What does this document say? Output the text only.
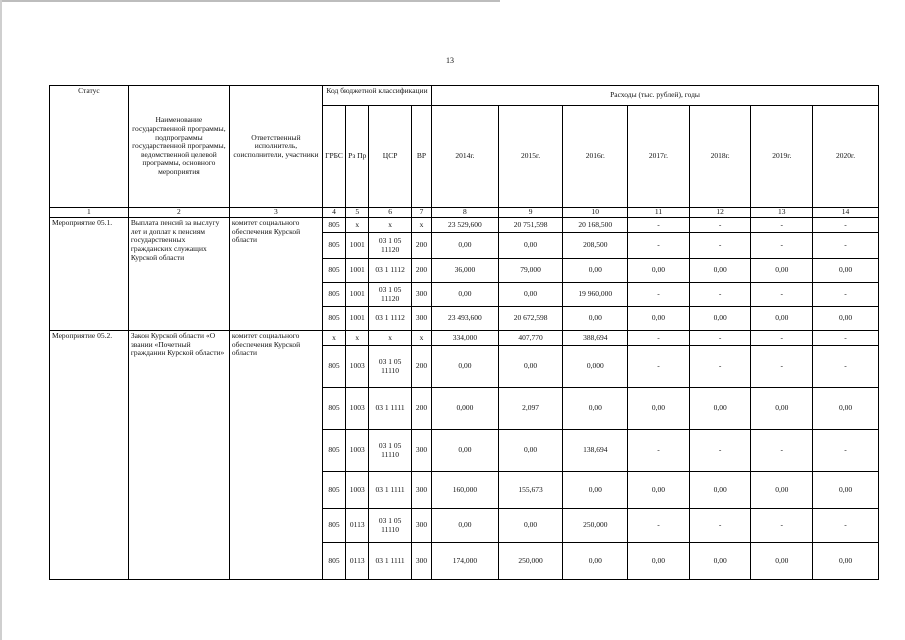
13
Статус	Наименование государственной программы, подпрограммы государственной программы, ведомственной целевой программы, основного мероприятия	Ответственный исполнитель, соисполнители, участники	Код бюджетной классификации				Расходы (тыс. рублей), годы						
			ГРБС	Рз Пр	ЦСР	ВР	2014г.	2015г.	2016г.	2017г.	2018г.	2019г.	2020г.
1	2	3	4	5	6	7	8	9	10	11	12	13	14
Мероприятие 05.1.	Выплата пенсий за выслугу лет и доплат к пенсиям государственных гражданских служащих Курской области	комитет социального обеспечения Курской области	805	x	x	x	23 529,600	20 751,598	20 168,500	-	-	-	-
			805	1001	03 1 05 11120	200	0,00	0,00	208,500	-	-	-	-
			805	1001	03 1 1112	200	36,000	79,000	0,00	0,00	0,00	0,00	0,00
			805	1001	03 1 05 11120	300	0,00	0,00	19 960,000	-	-	-	-
			805	1001	03 1 1112	300	23 493,600	20 672,598	0,00	0,00	0,00	0,00	0,00
Мероприятие 05.2.	Закон Курской области «О звании «Почетный гражданин Курской области»	комитет социального обеспечения Курской области	x	x	x	x	334,000	407,770	388,694	-	-	-	-
			805	1003	03 1 05 11110	200	0,00	0,00	0,000	-	-	-	-
			805	1003	03 1 1111	200	0,000	2,097	0,00	0,00	0,00	0,00	0,00
			805	1003	03 1 05 11110	300	0,00	0,00	138,694	-	-	-	-
			805	1003	03 1 1111	300	160,000	155,673	0,00	0,00	0,00	0,00	0,00
			805	0113	03 1 05 11110	300	0,00	0,00	250,000	-	-	-	-
			805	0113	03 1 1111	300	174,000	250,000	0,00	0,00	0,00	0,00	0,00
